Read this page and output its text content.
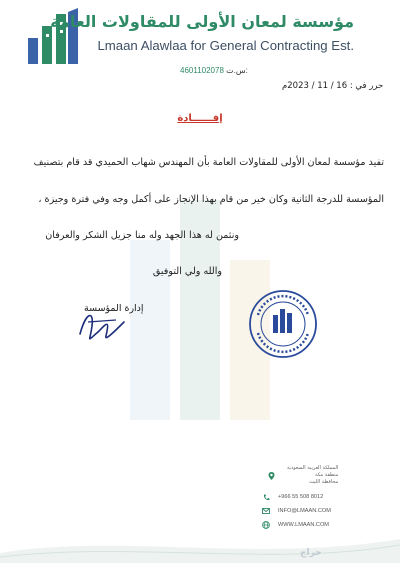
مؤسسة لمعان الأولى للمقاولات العامة
Lmaan Alawlaa for General Contracting Est.
4601102078 س.ت:
حرر في : 16 / 11 / 2023م
إفــــــادة
تفيد مؤسسة لمعان الأولى للمقاولات العامة بأن المهندس شهاب الحميدي قد قام بتصنيف
المؤسسة للدرجة الثانية وكان خير من قام بهذا الإنجاز على أكمل وجه وفي فترة وجيزة ،
ونثمن له هذا الجهد وله منا جزيل الشكر والعرفان
والله ولي التوفيق
إدارة المؤسسة
المملكة العربية السعودية
منطقة مكة
محافظة الليث
+966 55 508 8012
INFO@LMAAN.COM
WWW.LMAAN.COM
حراج
